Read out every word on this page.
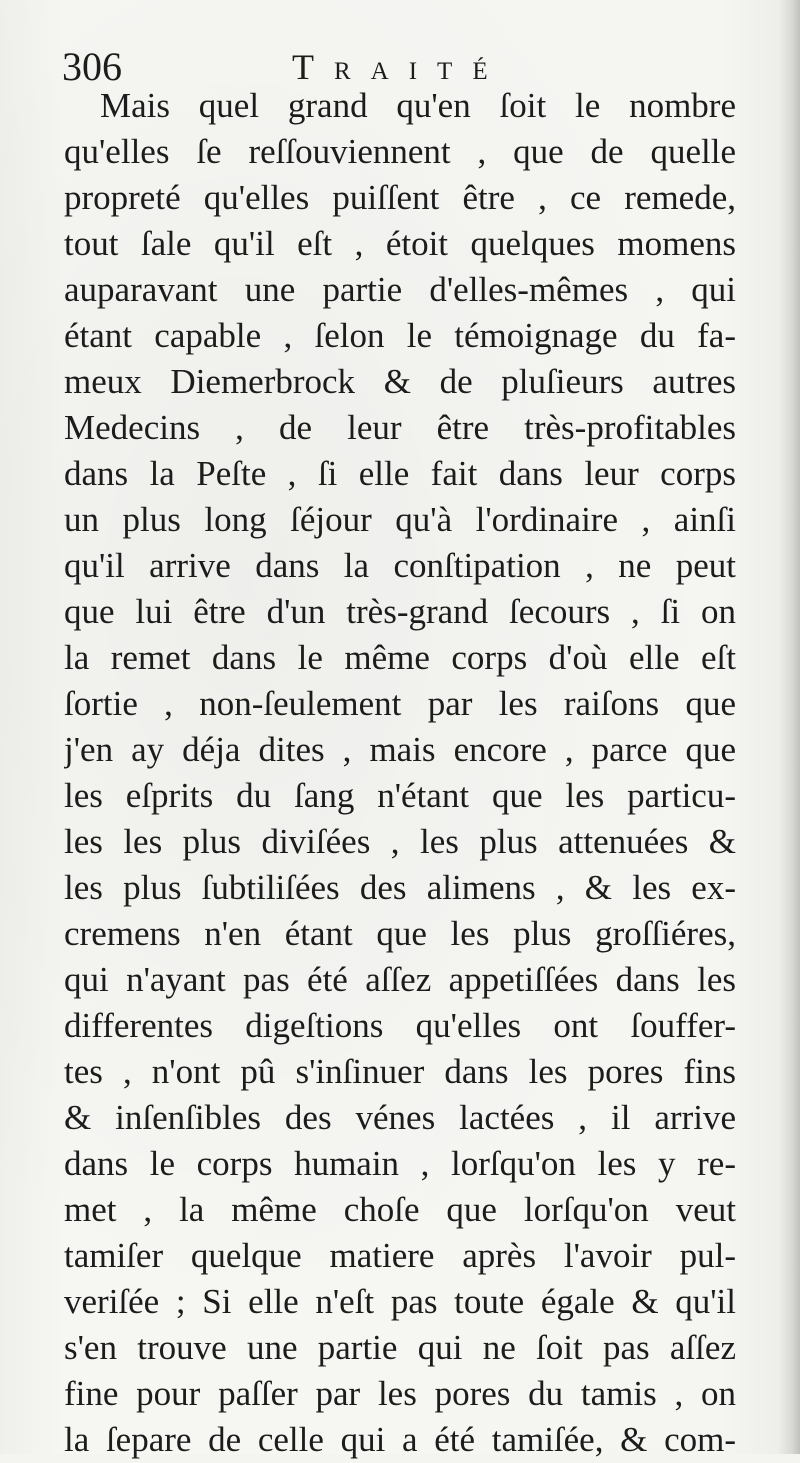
306	Traité
Mais quel grand qu'en ſoit le nombre
qu'elles ſe reſſouviennent , que de quelle
propreté qu'elles puiſſent être , ce remede,
tout ſale qu'il eſt , étoit quelques momens
auparavant une partie d'elles-mêmes , qui
étant capable , ſelon le témoignage du fa-
meux Diemerbrock & de pluſieurs autres
Medecins , de leur être très-profitables
dans la Peſte , ſi elle fait dans leur corps
un plus long ſéjour qu'à l'ordinaire , ainſi
qu'il arrive dans la conſtipation , ne peut
que lui être d'un très-grand ſecours , ſi on
la remet dans le même corps d'où elle eſt
ſortie , non-ſeulement par les raiſons que
j'en ay déja dites , mais encore , parce que
les eſprits du ſang n'étant que les particu-
les les plus diviſées , les plus attenuées &
les plus ſubtiliſées des alimens , & les ex-
cremens n'en étant que les plus groſſiéres,
qui n'ayant pas été aſſez appetiſſées dans les
differentes digeſtions qu'elles ont ſouffer-
tes , n'ont pû s'inſinuer dans les pores fins
& inſenſibles des vénes lactées , il arrive
dans le corps humain , lorſqu'on les y re-
met , la même choſe que lorſqu'on veut
tamiſer quelque matiere après l'avoir pul-
veriſée ; Si elle n'eſt pas toute égale & qu'il
s'en trouve une partie qui ne ſoit pas aſſez
fine pour paſſer par les pores du tamis , on
la ſepare de celle qui a été tamiſée, & com-
